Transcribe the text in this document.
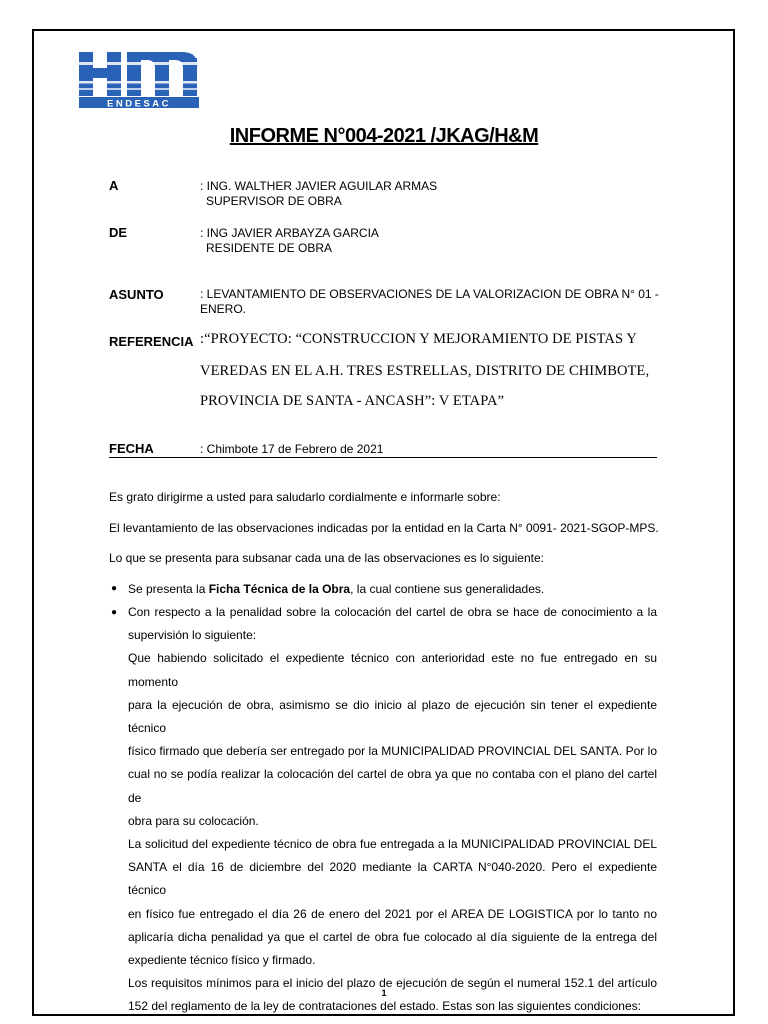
ENDESAC
INFORME N°004-2021 /JKAG/H&M
A	: ING. WALTHER JAVIER AGUILAR ARMAS
SUPERVISOR DE OBRA
DE	: ING JAVIER ARBAYZA GARCIA
RESIDENTE DE OBRA
ASUNTO	: LEVANTAMIENTO DE OBSERVACIONES DE LA VALORIZACION DE OBRA N° 01 -
ENERO.
REFERENCIA :“PROYECTO: “CONSTRUCCION Y MEJORAMIENTO DE PISTAS Y
VEREDAS EN EL A.H. TRES ESTRELLAS, DISTRITO DE CHIMBOTE,
PROVINCIA DE SANTA - ANCASH”: V ETAPA”
FECHA	: Chimbote 17 de Febrero de 2021
Es grato dirigirme a usted para saludarlo cordialmente e informarle sobre:
El levantamiento de las observaciones indicadas por la entidad en la Carta N° 0091- 2021-SGOP-MPS.
Lo que se presenta para subsanar cada una de las observaciones es lo siguiente:
● Se presenta la Ficha Técnica de la Obra, la cual contiene sus generalidades.
● Con respecto a la penalidad sobre la colocación del cartel de obra se hace de conocimiento a la
supervisión lo siguiente:
Que habiendo solicitado el expediente técnico con anterioridad este no fue entregado en su momento
para la ejecución de obra, asimismo se dio inicio al plazo de ejecución sin tener el expediente técnico
físico firmado que debería ser entregado por la MUNICIPALIDAD PROVINCIAL DEL SANTA. Por lo
cual no se podía realizar la colocación del cartel de obra ya que no contaba con el plano del cartel de
obra para su colocación.
La solicitud del expediente técnico de obra fue entregada a la MUNICIPALIDAD PROVINCIAL DEL
SANTA el día 16 de diciembre del 2020 mediante la CARTA N°040-2020. Pero el expediente técnico
en físico fue entregado el día 26 de enero del 2021 por el AREA DE LOGISTICA por lo tanto no
aplicaría dicha penalidad ya que el cartel de obra fue colocado al día siguiente de la entrega del
expediente técnico físico y firmado.
Los requisitos mínimos para el inicio del plazo de ejecución de según el numeral 152.1 del artículo
152 del reglamento de la ley de contrataciones del estado. Estas son las siguientes condiciones:
1
